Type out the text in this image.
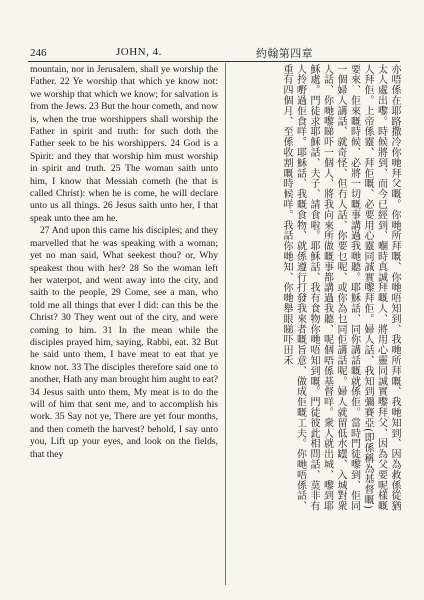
246	JOHN, 4.	約翰第四章

mountain, nor in Jerusalem, shall ye worship the Father. 22 Ye worship that which ye know not: we worship that which we know; for salvation is from the Jews. 23 But the hour cometh, and now is, when the true worshippers shall worship the Father in spirit and truth: for such doth the Father seek to be his worshippers. 24 God is a Spirit: and they that worship him must worship in spirit and truth. 25 The woman saith unto him, I know that Messiah cometh (he that is called Christ): when he is come, he will declare unto us all things. 26 Jesus saith unto her, I that speak unto thee am he.

27 And upon this came his disciples; and they marvelled that he was speaking with a woman; yet no man said, What seekest thou? or, Why speakest thou with her? 28 So the woman left her waterpot, and went away into the city, and saith to the people, 29 Come, see a man, who told me all things that ever I did: can this be the Christ? 30 They went out of the city, and were coming to him. 31 In the mean while the disciples prayed him, saying, Rabbi, eat. 32 But he said unto them, I have meat to eat that ye know not. 33 The disciples therefore said one to another, Hath any man brought him aught to eat? 34 Jesus saith unto them, My meat is to do the will of him that sent me, and to accomplish his work. 35 Say not ye, There are yet four months, and then cometh the harvest? behold, I say unto you, Lift up your eyes, and look on the fields, that they	亦唔係在耶路撒冷你哋拜父嘅。你哋所拜嘅、你哋唔知到、我哋所拜嘅、我哋知到、因為救係從猶太人處出嚟。時候將到、而今已經到、嗰時真誠拜嘅人、將用心靈同誠實嚟拜父、因為父要呢樣嘅人拜佢。上帝係靈、拜佢嘅、必要用心靈同誠實嚟拜佢。婦人話、我知到彌賽亞(即係稱為基督嘅)要來、佢來嘅時候、必將一切嘅事講過我哋聽。耶穌話、同你講話嘅就係佢。當時門徒嚟到、佢同一個婦人講話、就奇怪、但冇人話、你要乜呢、或你為乜同佢講話呢。婦人就留低水罎、入城對衆人話、你哋嚟睇吓一個人、將我向來所做嘅事都講過我聽、呢個唔係基督咩。衆人就出城、嚟到耶穌處。門徒求耶穌話、夫子、請食啦。耶穌話、我有食物你哋唔知到嘅。門徒彼此相問話、莫非有人拎嘢過佢食咩。耶穌話、我嘅食物、就係遵行打發我來者嘅旨意、做成佢嘅工夫。你哋唔係話、重有四個月、至係收割嘅時候咩。我話你哋知、你哋舉眼睇吓田禾
